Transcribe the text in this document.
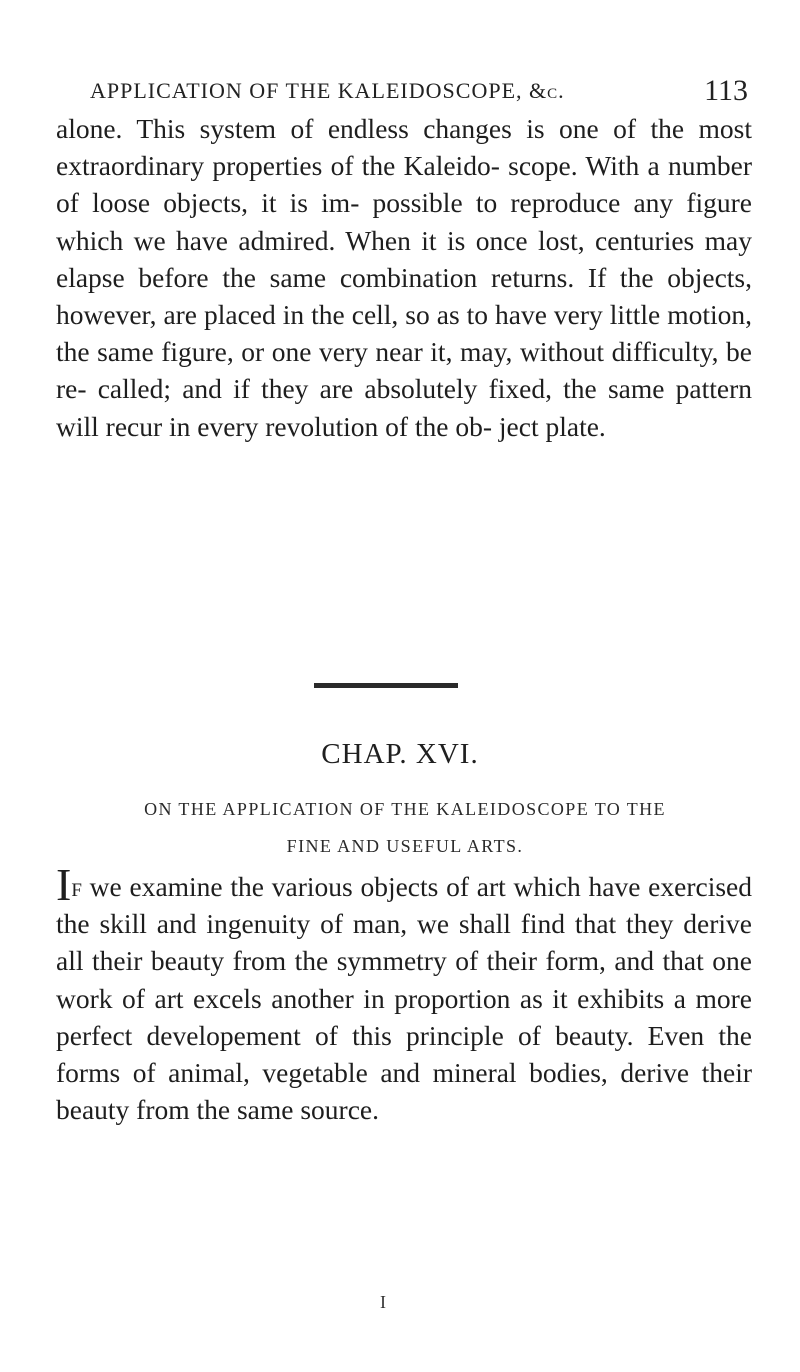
APPLICATION OF THE KALEIDOSCOPE, &c.	113

alone. This system of endless changes is one of the most extraordinary properties of the Kaleido- scope. With a number of loose objects, it is im- possible to reproduce any figure which we have admired. When it is once lost, centuries may elapse before the same combination returns. If the objects, however, are placed in the cell, so as to have very little motion, the same figure, or one very near it, may, without difficulty, be re- called; and if they are absolutely fixed, the same pattern will recur in every revolution of the ob- ject plate.

CHAP. XVI.
ON THE APPLICATION OF THE KALEIDOSCOPE TO THE
FINE AND USEFUL ARTS.

If we examine the various objects of art which have exercised the skill and ingenuity of man, we shall find that they derive all their beauty from the symmetry of their form, and that one work of art excels another in proportion as it exhibits a more perfect developement of this principle of beauty. Even the forms of animal, vegetable and mineral bodies, derive their beauty from the same source.

I
